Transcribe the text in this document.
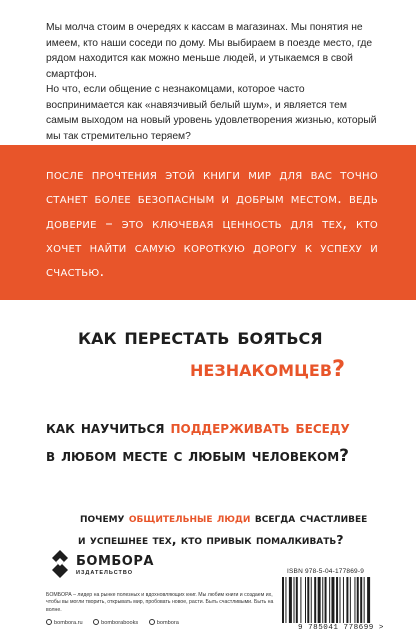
Мы молча стоим в очередях к кассам в магазинах. Мы понятия не имеем, кто наши соседи по дому. Мы выбираем в поезде место, где рядом находится как можно меньше людей, и утыкаемся в свой смартфон.

Но что, если общение с незнакомцами, которое часто воспринимается как «навязчивый белый шум», и является тем самым выходом на новый уровень удовлетворения жизнью, который мы так стремительно теряем?

после прочтения этой книги мир для вас точно станет более безопасным и добрым местом. ведь доверие – это ключевая ценность для тех, кто хочет найти самую короткую дорогу к успеху и счастью.
как перестать бояться
незнакомцев?
как научиться поддерживать беседу
в любом месте с любым человеком?
почему общительные люди всегда счастливее
и успешнее тех, кто привык помалкивать?
БОМБОРА
ИЗДАТЕЛЬСТВО
БОМБОРА – лидер на рынке полезных и вдохновляющих книг. Мы любим книги и создаем их, чтобы вы могли творить, открывать мир, пробовать новое, расти. Быть счастливыми. Быть на волне.
bombora.ru	bomborabooks	bombora
ISBN 978-5-04-177869-9
9 785041 778699 >
